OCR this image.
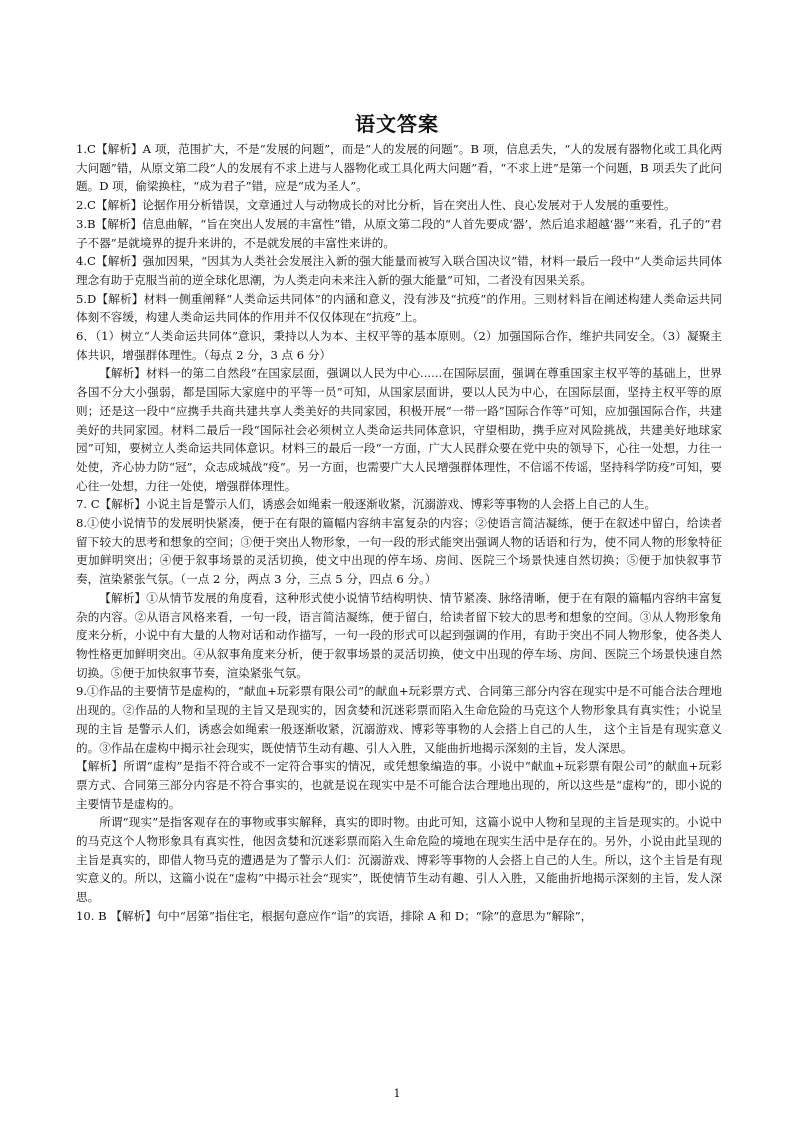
语文答案

1.C【解析】A 项，范围扩大，不是“发展的问题”，而是“人的发展的问题”。B 项，信息丢失，“人的发展有器物化或工具化两大问题”错，从原文第二段“人的发展有不求上进与人器物化或工具化两大问题”看，“不求上进”是第一个问题，B 项丢失了此问题。D 项，偷梁换柱，“成为君子”错，应是“成为圣人”。

2.C【解析】论据作用分析错误，文章通过人与动物成长的对比分析，旨在突出人性、良心发展对于人发展的重要性。

3.B【解析】信息曲解，“旨在突出人发展的丰富性”错，从原文第二段的“人首先要成‘器’，然后追求超越‘器’”来看，孔子的“君子不器”是就境界的提升来讲的，不是就发展的丰富性来讲的。

4.C【解析】强加因果，“因其为人类社会发展注入新的强大能量而被写入联合国决议”错，材料一最后一段中“人类命运共同体理念有助于克服当前的逆全球化思潮，为人类走向未来注入新的强大能量”可知，二者没有因果关系。

5.D【解析】材料一侧重阐释“人类命运共同体”的内涵和意义，没有涉及“抗疫”的作用。三则材料旨在阐述构建人类命运共同体刻不容缓，构建人类命运共同体的作用并不仅仅体现在“抗疫”上。

6．（1）树立“人类命运共同体”意识，秉持以人为本、主权平等的基本原则。（2）加强国际合作，维护共同安全。（3）凝聚主体共识，增强群体理性。（每点 2 分，3 点 6 分）

【解析】材料一的第二自然段“在国家层面，强调以人民为中心......在国际层面，强调在尊重国家主权平等的基础上，世界各国不分大小强弱，都是国际大家庭中的平等一员”可知，从国家层面讲，要以人民为中心，在国际层面，坚持主权平等的原则；还是这一段中“应携手共商共建共享人类美好的共同家园，积极开展“一带一路”国际合作等”可知，应加强国际合作，共建美好的共同家园。材料二最后一段“国际社会必须树立人类命运共同体意识，守望相助，携手应对风险挑战，共建美好地球家园”可知，要树立人类命运共同体意识。材料三的最后一段“一方面，广大人民群众要在党中央的领导下，心往一处想，力往一处使，齐心协力防“冠”，众志成城战“疫”。另一方面，也需要广大人民增强群体理性，不信谣不传谣，坚持科学防疫”可知，要心往一处想，力往一处使，增强群体理性。

7. C【解析】小说主旨是警示人们，诱惑会如绳索一般逐渐收紧，沉溺游戏、博彩等事物的人会搭上自己的人生。

8.①使小说情节的发展明快紧凑，便于在有限的篇幅内容纳丰富复杂的内容；②使语言简洁凝练，便于在叙述中留白，给读者留下较大的思考和想象的空间；③便于突出人物形象，一句一段的形式能突出强调人物的话语和行为，使不同人物的形象特征更加鲜明突出；④便于叙事场景的灵活切换，使文中出现的停车场、房间、医院三个场景快速自然切换；⑤便于加快叙事节奏，渲染紧张气氛。（一点 2 分，两点 3 分，三点 5 分，四点 6 分。）

【解析】①从情节发展的角度看，这种形式使小说情节结构明快、情节紧凑、脉络清晰，便于在有限的篇幅内容纳丰富复杂的内容。②从语言风格来看，一句一段，语言简洁凝练，便于留白，给读者留下较大的思考和想象的空间。③从人物形象角度来分析，小说中有大量的人物对话和动作描写，一句一段的形式可以起到强调的作用，有助于突出不同人物形象，使各类人物性格更加鲜明突出。④从叙事角度来分析，便于叙事场景的灵活切换，使文中出现的停车场、房间、医院三个场景快速自然切换。⑤便于加快叙事节奏，渲染紧张气氛。

9.①作品的主要情节是虚构的，“献血+玩彩票有限公司”的献血+玩彩票方式、合同第三部分内容在现实中是不可能合法合理地出现的。②作品的人物和呈现的主旨又是现实的，因贪婪和沉迷彩票而陷入生命危险的马克这个人物形象具有真实性；小说呈现的主旨 是警示人们，诱惑会如绳索一般逐渐收紧，沉溺游戏、博彩等事物的人会搭上自己的人生， 这个主旨是有现实意义的。③作品在虚构中揭示社会现实，既使情节生动有趣、引人入胜，又能曲折地揭示深刻的主旨，发人深思。

【解析】所谓“虚构”是指不符合或不一定符合事实的情况，或凭想象编造的事。小说中“献血+玩彩票有限公司”的献血+玩彩票方式、合同第三部分内容是不符合事实的，也就是说在现实中是不可能合法合理地出现的，所以这些是“虚构”的，即小说的主要情节是虚构的。

所谓“现实”是指客观存在的事物或事实解释，真实的即时物。由此可知，这篇小说中人物和呈现的主旨是现实的。小说中的马克这个人物形象具有真实性，他因贪婪和沉迷彩票而陷入生命危险的境地在现实生活中是存在的。另外，小说由此呈现的主旨是真实的，即借人物马克的遭遇是为了警示人们：沉溺游戏、博彩等事物的人会搭上自己的人生。所以，这个主旨是有现实意义的。所以，这篇小说在“虚构”中揭示社会“现实”，既使情节生动有趣、引人入胜，又能曲折地揭示深刻的主旨，发人深思。

10. B 【解析】句中“居第”指住宅，根据句意应作“诣”的宾语，排除 A 和 D；“除”的意思为“解除”，

1
